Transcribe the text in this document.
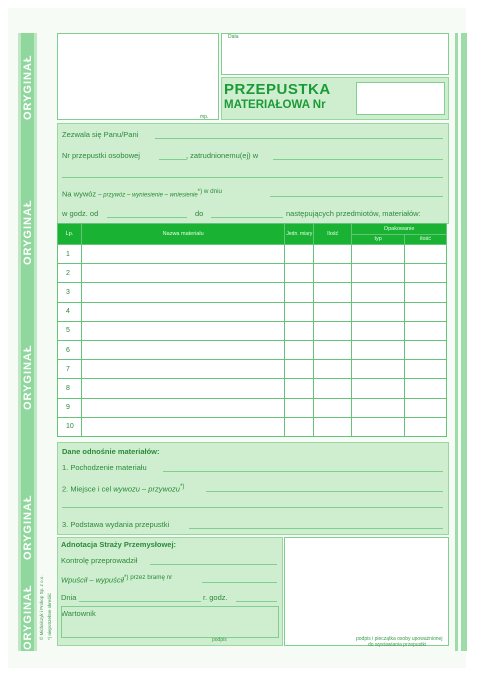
ORYGINAŁ
ORYGINAŁ
ORYGINAŁ
ORYGINAŁ
ORYGINAŁ © Michalczyk i Prokop Sp. z o.o. *) niepotrzebne skreślić
mp.
Data
PRZEPUSTKA
MATERIAŁOWA Nr
Zezwala się Panu/Pani
Nr przepustki osobowej	, zatrudnionemu(ej) w
Na wywóz – przywóz – wyniesienie – wniesienie$^{*) w dniu}$
w godz. od	do	następujących przedmiotów, materiałów:
Lp.	Nazwa materiału	Jedn. miary	Ilość	Opakowanie	
				typ	ilość
1					
2					
3					
4					
5					
6					
7					
8					
9					
10					
Dane odnośnie materiałów:
1. Pochodzenie materiału
2. Miejsce i cel wywozu – przywozu*)
3. Podstawa wydania przepustki
Adnotacja Straży Przemysłowej:
Kontrolę przeprowadził
Wpuścił – wypuścił$^{*) przez bramę nr}$
Dnia	r. godz.
Wartownik
podpis	podpis i pieczątka osoby upoważnionej
do wystawiania przepustki
